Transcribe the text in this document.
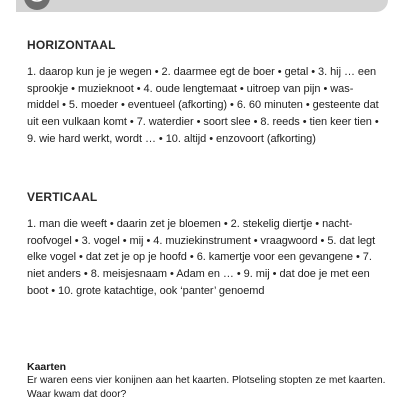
HORIZONTAAL

1. daarop kun je je wegen • 2. daarmee egt de boer • getal • 3. hij … een sprookje • muzieknoot • 4. oude lengtemaat • uitroep van pijn • wasmiddel • 5. moeder • eventueel (afkorting) • 6. 60 minuten • gesteente dat uit een vulkaan komt • 7. waterdier • soort slee • 8. reeds • tien keer tien • 9. wie hard werkt, wordt … • 10. altijd • enzovoort (afkorting)

VERTICAAL

1. man die weeft • daarin zet je bloemen • 2. stekelig diertje • nachtroofvogel • 3. vogel • mij • 4. muziekinstrument • vraagwoord • 5. dat legt elke vogel • dat zet je op je hoofd • 6. kamertje voor een gevangene • 7. niet anders • 8. meisjesnaam • Adam en … • 9. mij • dat doe je met een boot • 10. grote katachtige, ook ‘panter’ genoemd

Kaarten

Er waren eens vier konijnen aan het kaarten. Plotseling stopten ze met kaarten.

Waar kwam dat door?
